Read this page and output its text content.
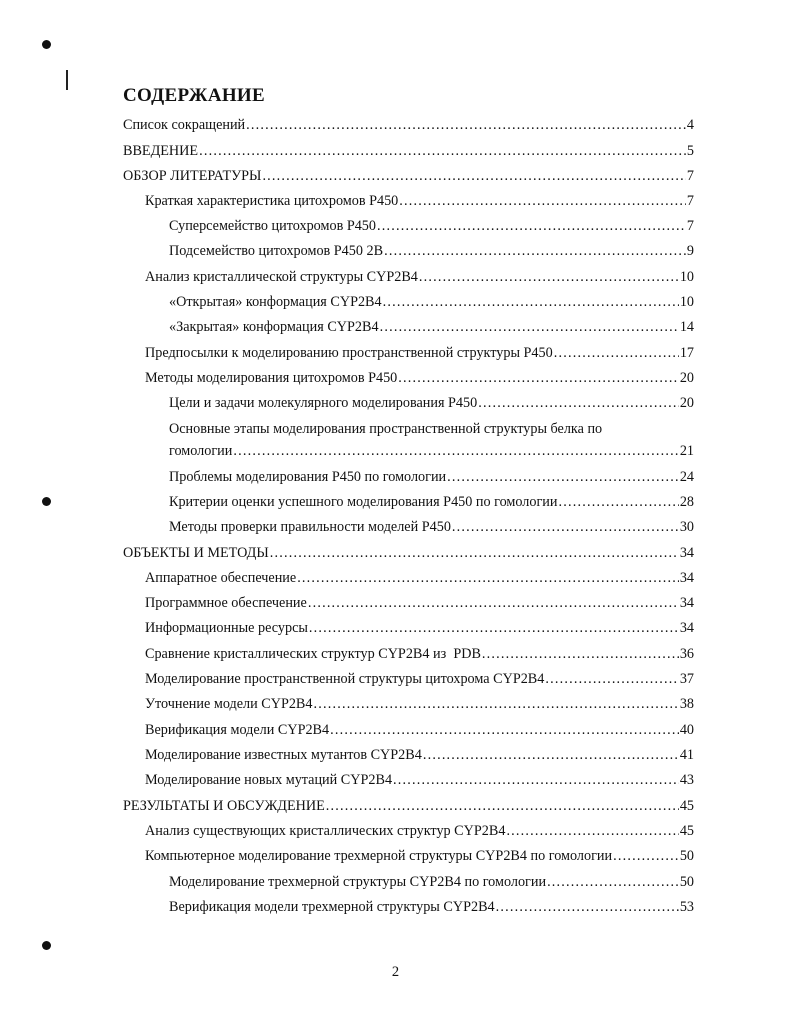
СОДЕРЖАНИЕ
Список сокращений .....	4
ВВЕДЕНИЕ .....	5
ОБЗОР ЛИТЕРАТУРЫ .....	7
Краткая характеристика цитохромов P450 .....	7
Суперсемейство цитохромов P450 .....	7
Подсемейство цитохромов P450 2B .....	9
Анализ кристаллической структуры CYP2B4 .....	10
«Открытая» конформация CYP2B4 .....	10
«Закрытая» конформация CYP2B4 .....	14
Предпосылки к моделированию пространственной структуры P450 .....	17
Методы моделирования цитохромов P450 .....	20
Цели и задачи молекулярного моделирования P450 .....	20
Основные этапы моделирования пространственной структуры белка по
гомологии .....	21
Проблемы моделирования P450 по гомологии .....	24
Критерии оценки успешного моделирования P450 по гомологии .....	28
Методы проверки правильности моделей P450 .....	30
ОБЪЕКТЫ И МЕТОДЫ .....	34
Аппаратное обеспечение .....	34
Программное обеспечение .....	34
Информационные ресурсы .....	34
Сравнение кристаллических структур CYP2B4 из  PDB .....	36
Моделирование пространственной структуры цитохрома CYP2B4 .....	37
Уточнение модели CYP2B4 .....	38
Верификация модели CYP2B4 .....	40
Моделирование известных мутантов CYP2B4 .....	41
Моделирование новых мутаций CYP2B4 .....	43
РЕЗУЛЬТАТЫ И ОБСУЖДЕНИЕ .....	45
Анализ существующих кристаллических структур CYP2B4 .....	45
Компьютерное моделирование трехмерной структуры CYP2B4 по гомологии .....	50
Моделирование трехмерной структуры CYP2B4 по гомологии .....	50
Верификация модели трехмерной структуры CYP2B4 .....	53
2
